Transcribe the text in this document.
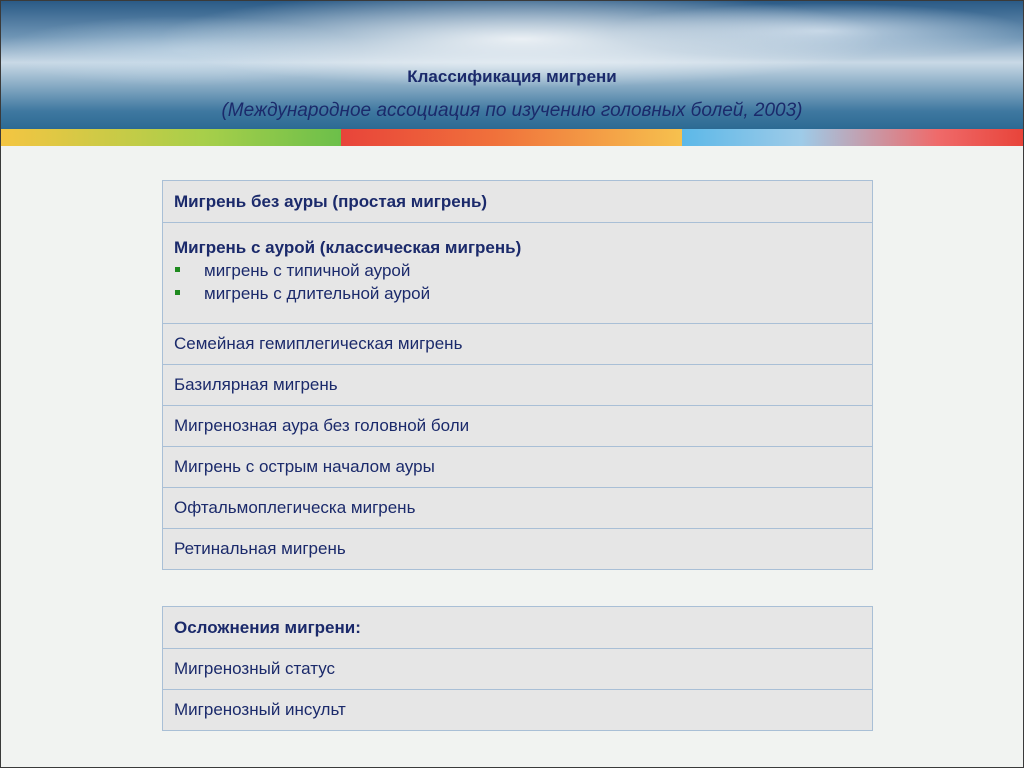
Классификация мигрени
(Международное ассоциация по изучению головных болей, 2003)
Мигрень без ауры (простая мигрень)
Мигрень с аурой (классическая мигрень)
мигрень с типичной аурой
мигрень с длительной аурой
Семейная гемиплегическая мигрень
Базилярная мигрень
Мигренозная аура без головной боли
Мигрень с острым началом ауры
Офтальмоплегическа мигрень
Ретинальная мигрень
Осложнения мигрени:
Мигренозный статус
Мигренозный инсульт
